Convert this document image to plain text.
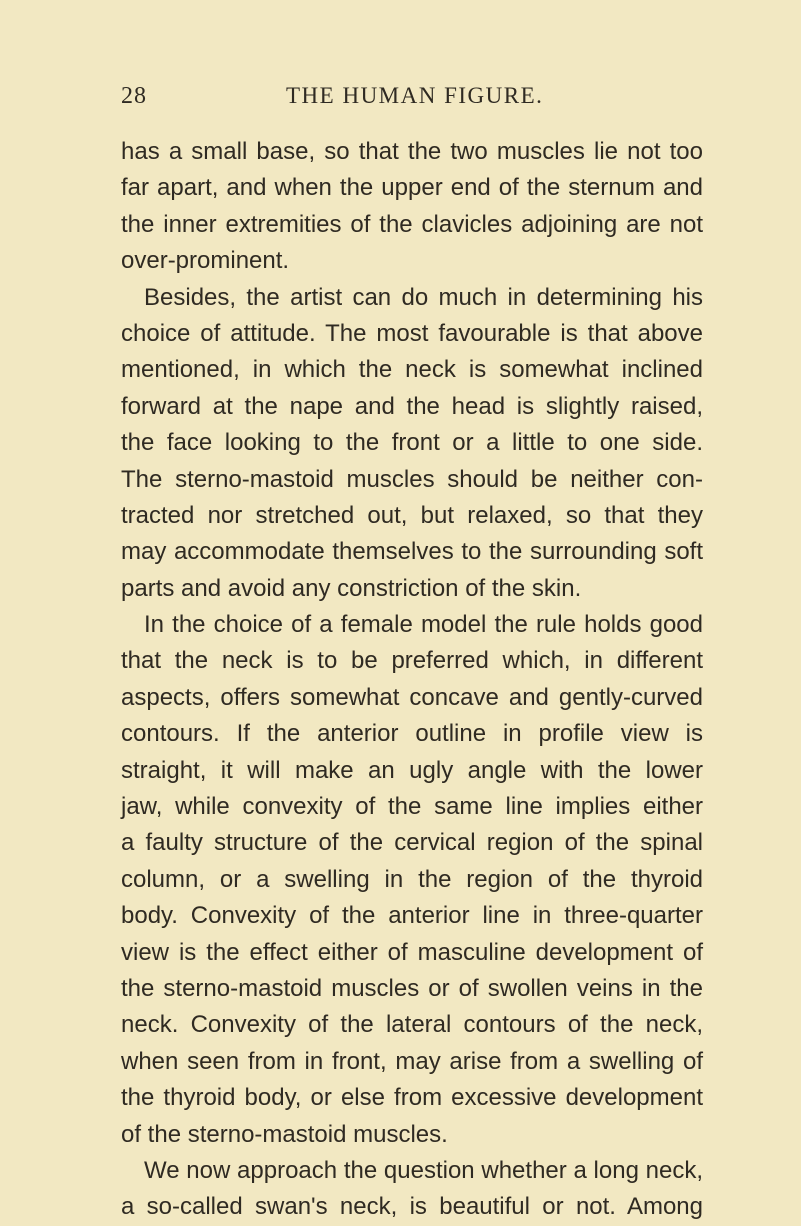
28	THE HUMAN FIGURE.
has a small base, so that the two muscles lie not too
far apart, and when the upper end of the sternum and
the inner extremities of the clavicles adjoining are not
over-prominent.
Besides, the artist can do much in determining his
choice of attitude. The most favourable is that above
mentioned, in which the neck is somewhat inclined
forward at the nape and the head is slightly raised,
the face looking to the front or a little to one side.
The sterno-mastoid muscles should be neither con-
tracted nor stretched out, but relaxed, so that they
may accommodate themselves to the surrounding soft
parts and avoid any constriction of the skin.
In the choice of a female model the rule holds good
that the neck is to be preferred which, in different
aspects, offers somewhat concave and gently-curved
contours. If the anterior outline in profile view is
straight, it will make an ugly angle with the lower
jaw, while convexity of the same line implies either
a faulty structure of the cervical region of the spinal
column, or a swelling in the region of the thyroid
body. Convexity of the anterior line in three-quarter
view is the effect either of masculine development of
the sterno-mastoid muscles or of swollen veins in the
neck. Convexity of the lateral contours of the neck,
when seen from in front, may arise from a swelling of
the thyroid body, or else from excessive development
of the sterno-mastoid muscles.
We now approach the question whether a long neck,
a so-called swan's neck, is beautiful or not. Among
